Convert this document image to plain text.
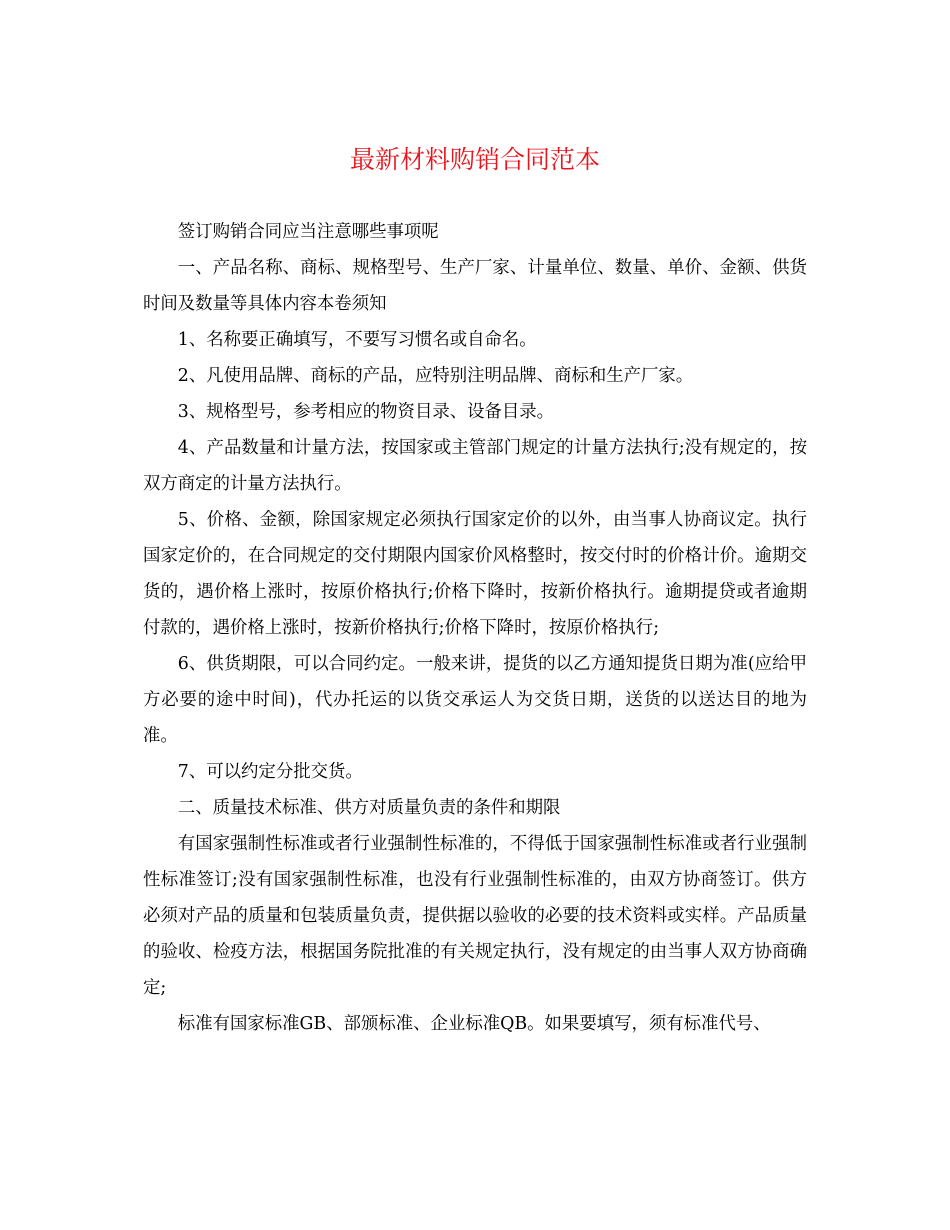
最新材料购销合同范本

签订购销合同应当注意哪些事项呢

一、产品名称、商标、规格型号、生产厂家、计量单位、数量、单价、金额、供货时间及数量等具体内容本卷须知

1、名称要正确填写，不要写习惯名或自命名。

2、凡使用品牌、商标的产品，应特别注明品牌、商标和生产厂家。

3、规格型号，参考相应的物资目录、设备目录。

4、产品数量和计量方法，按国家或主管部门规定的计量方法执行;没有规定的，按双方商定的计量方法执行。

5、价格、金额，除国家规定必须执行国家定价的以外，由当事人协商议定。执行国家定价的，在合同规定的交付期限内国家价风格整时，按交付时的价格计价。逾期交货的，遇价格上涨时，按原价格执行;价格下降时，按新价格执行。逾期提贷或者逾期付款的，遇价格上涨时，按新价格执行;价格下降时，按原价格执行;

6、供货期限，可以合同约定。一般来讲，提货的以乙方通知提货日期为准(应给甲方必要的途中时间)，代办托运的以货交承运人为交货日期，送货的以送达目的地为准。

7、可以约定分批交货。

二、质量技术标准、供方对质量负责的条件和期限

有国家强制性标准或者行业强制性标准的，不得低于国家强制性标准或者行业强制性标准签订;没有国家强制性标准，也没有行业强制性标准的，由双方协商签订。供方必须对产品的质量和包装质量负责，提供据以验收的必要的技术资料或实样。产品质量的验收、检疫方法，根据国务院批准的有关规定执行，没有规定的由当事人双方协商确定;

标准有国家标准GB、部颁标准、企业标准QB。如果要填写，须有标准代号、
